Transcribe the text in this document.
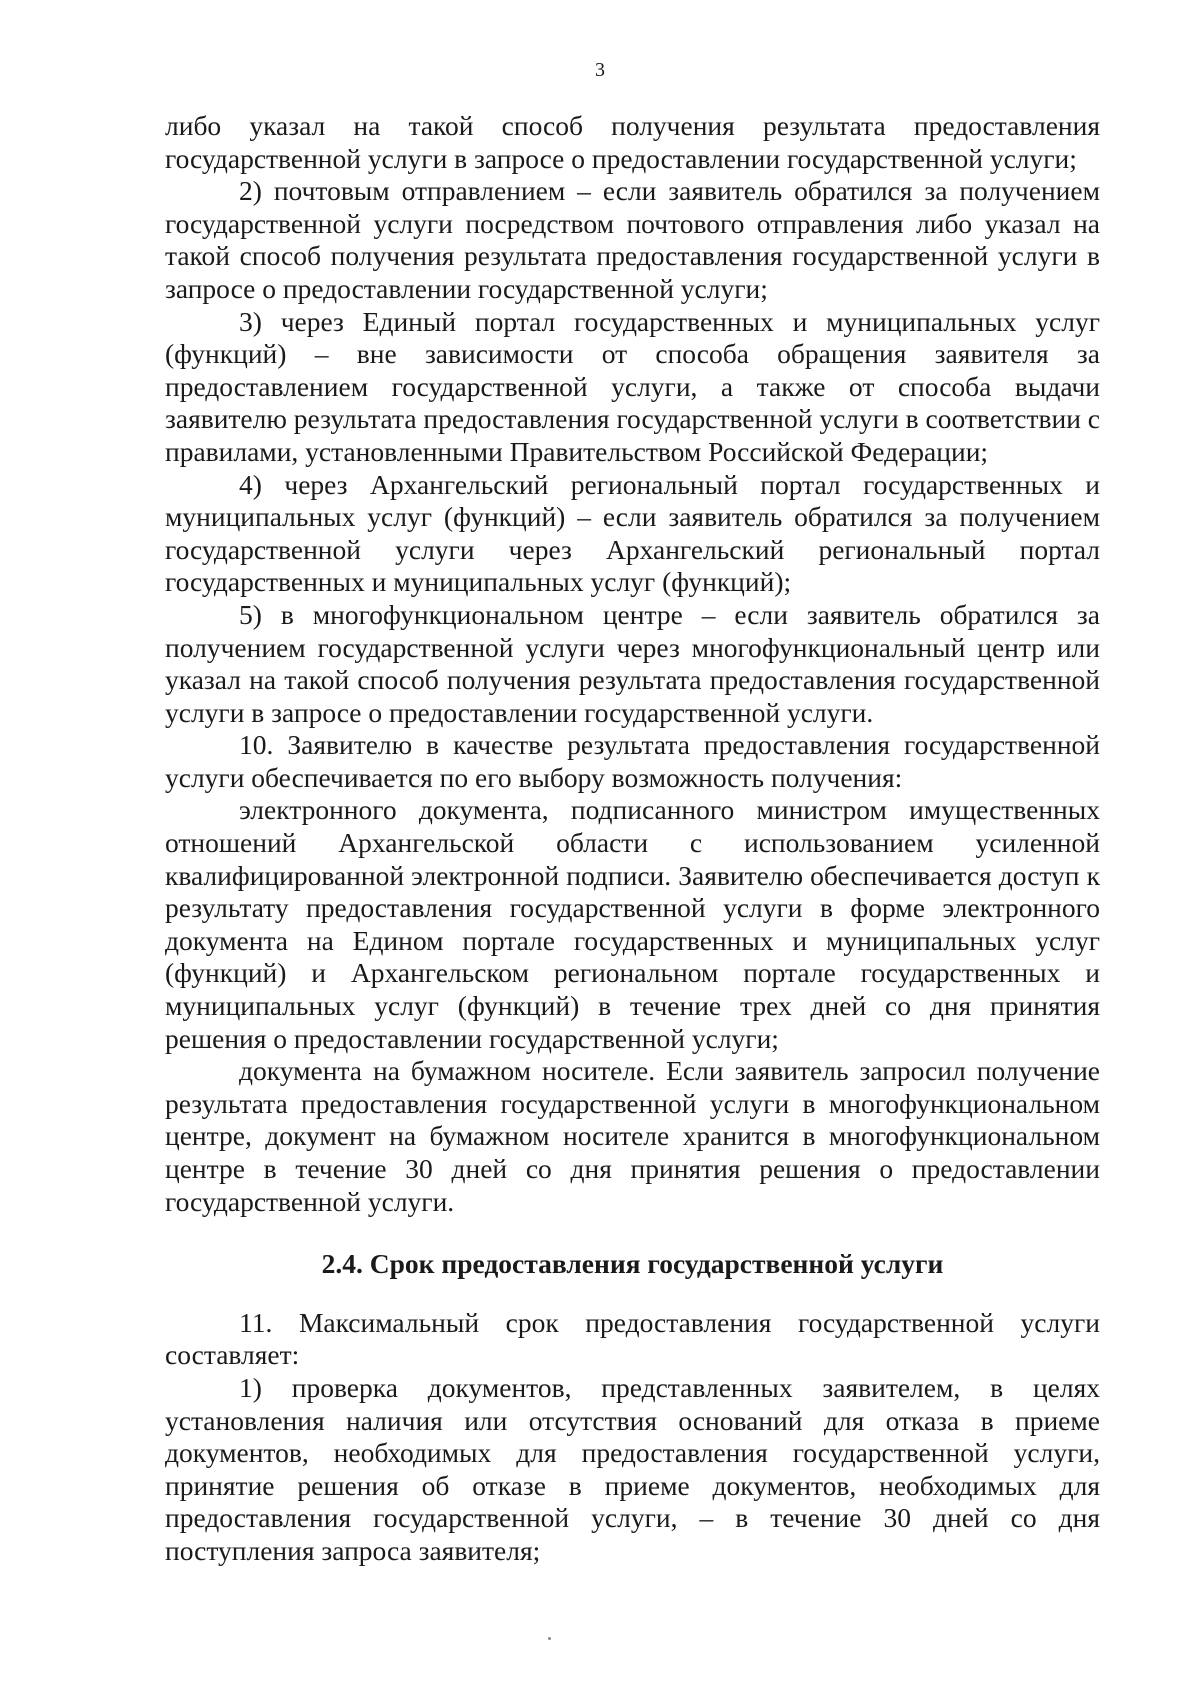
3

либо указал на такой способ получения результата предоставления государственной услуги в запросе о предоставлении государственной услуги;

2) почтовым отправлением – если заявитель обратился за получением государственной услуги посредством почтового отправления либо указал на такой способ получения результата предоставления государственной услуги в запросе о предоставлении государственной услуги;

3) через Единый портал государственных и муниципальных услуг (функций) – вне зависимости от способа обращения заявителя за предоставлением государственной услуги, а также от способа выдачи заявителю результата предоставления государственной услуги в соответствии с правилами, установленными Правительством Российской Федерации;

4) через Архангельский региональный портал государственных и муниципальных услуг (функций) – если заявитель обратился за получением государственной услуги через Архангельский региональный портал государственных и муниципальных услуг (функций);

5) в многофункциональном центре – если заявитель обратился за получением государственной услуги через многофункциональный центр или указал на такой способ получения результата предоставления государственной услуги в запросе о предоставлении государственной услуги.

10. Заявителю в качестве результата предоставления государственной услуги обеспечивается по его выбору возможность получения:

электронного документа, подписанного министром имущественных отношений Архангельской области с использованием усиленной квалифицированной электронной подписи. Заявителю обеспечивается доступ к результату предоставления государственной услуги в форме электронного документа на Едином портале государственных и муниципальных услуг (функций) и Архангельском региональном портале государственных и муниципальных услуг (функций) в течение трех дней со дня принятия решения о предоставлении государственной услуги;

документа на бумажном носителе. Если заявитель запросил получение результата предоставления государственной услуги в многофункциональном центре, документ на бумажном носителе хранится в многофункциональном центре в течение 30 дней со дня принятия решения о предоставлении государственной услуги.

2.4. Срок предоставления государственной услуги

11. Максимальный срок предоставления государственной услуги составляет:

1) проверка документов, представленных заявителем, в целях установления наличия или отсутствия оснований для отказа в приеме документов, необходимых для предоставления государственной услуги, принятие решения об отказе в приеме документов, необходимых для предоставления государственной услуги, – в течение 30 дней со дня поступления запроса заявителя;
